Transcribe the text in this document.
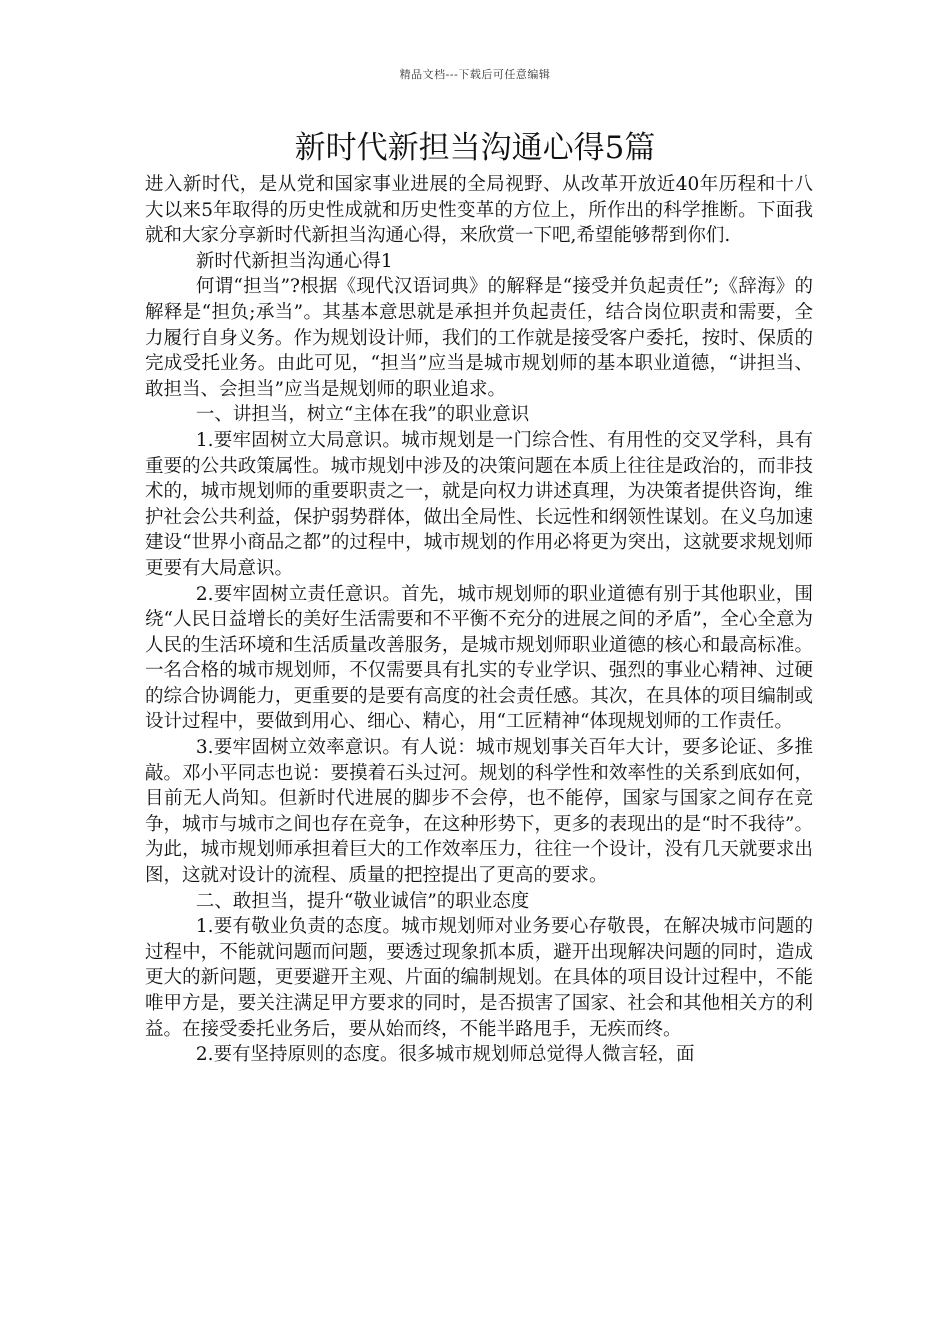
精品文档---下载后可任意编辑
新时代新担当沟通心得5篇

进入新时代，是从党和国家事业进展的全局视野、从改革开放近40年历程和十八大以来5年取得的历史性成就和历史性变革的方位上，所作出的科学推断。下面我就和大家分享新时代新担当沟通心得，来欣赏一下吧,希望能够帮到你们.

新时代新担当沟通心得1

何谓“担当”?根据《现代汉语词典》的解释是“接受并负起责任”;《辞海》的解释是“担负;承当”。其基本意思就是承担并负起责任，结合岗位职责和需要，全力履行自身义务。作为规划设计师，我们的工作就是接受客户委托，按时、保质的完成受托业务。由此可见，“担当”应当是城市规划师的基本职业道德，“讲担当、敢担当、会担当”应当是规划师的职业追求。

一、讲担当，树立“主体在我”的职业意识

1.要牢固树立大局意识。城市规划是一门综合性、有用性的交叉学科，具有重要的公共政策属性。城市规划中涉及的决策问题在本质上往往是政治的，而非技术的，城市规划师的重要职责之一，就是向权力讲述真理，为决策者提供咨询，维护社会公共利益，保护弱势群体，做出全局性、长远性和纲领性谋划。在义乌加速建设“世界小商品之都”的过程中，城市规划的作用必将更为突出，这就要求规划师更要有大局意识。

2.要牢固树立责任意识。首先，城市规划师的职业道德有别于其他职业，围绕“人民日益增长的美好生活需要和不平衡不充分的进展之间的矛盾”，全心全意为人民的生活环境和生活质量改善服务，是城市规划师职业道德的核心和最高标准。一名合格的城市规划师，不仅需要具有扎实的专业学识、强烈的事业心精神、过硬的综合协调能力，更重要的是要有高度的社会责任感。其次，在具体的项目编制或设计过程中，要做到用心、细心、精心，用“工匠精神“体现规划师的工作责任。

3.要牢固树立效率意识。有人说：城市规划事关百年大计，要多论证、多推敲。邓小平同志也说：要摸着石头过河。规划的科学性和效率性的关系到底如何，目前无人尚知。但新时代进展的脚步不会停，也不能停，国家与国家之间存在竞争，城市与城市之间也存在竞争，在这种形势下，更多的表现出的是“时不我待”。为此，城市规划师承担着巨大的工作效率压力，往往一个设计，没有几天就要求出图，这就对设计的流程、质量的把控提出了更高的要求。

二、敢担当，提升“敬业诚信”的职业态度

1.要有敬业负责的态度。城市规划师对业务要心存敬畏，在解决城市问题的过程中，不能就问题而问题，要透过现象抓本质，避开出现解决问题的同时，造成更大的新问题，更要避开主观、片面的编制规划。在具体的项目设计过程中，不能唯甲方是，要关注满足甲方要求的同时，是否损害了国家、社会和其他相关方的利益。在接受委托业务后，要从始而终，不能半路甩手，无疾而终。

2.要有坚持原则的态度。很多城市规划师总觉得人微言轻，面
